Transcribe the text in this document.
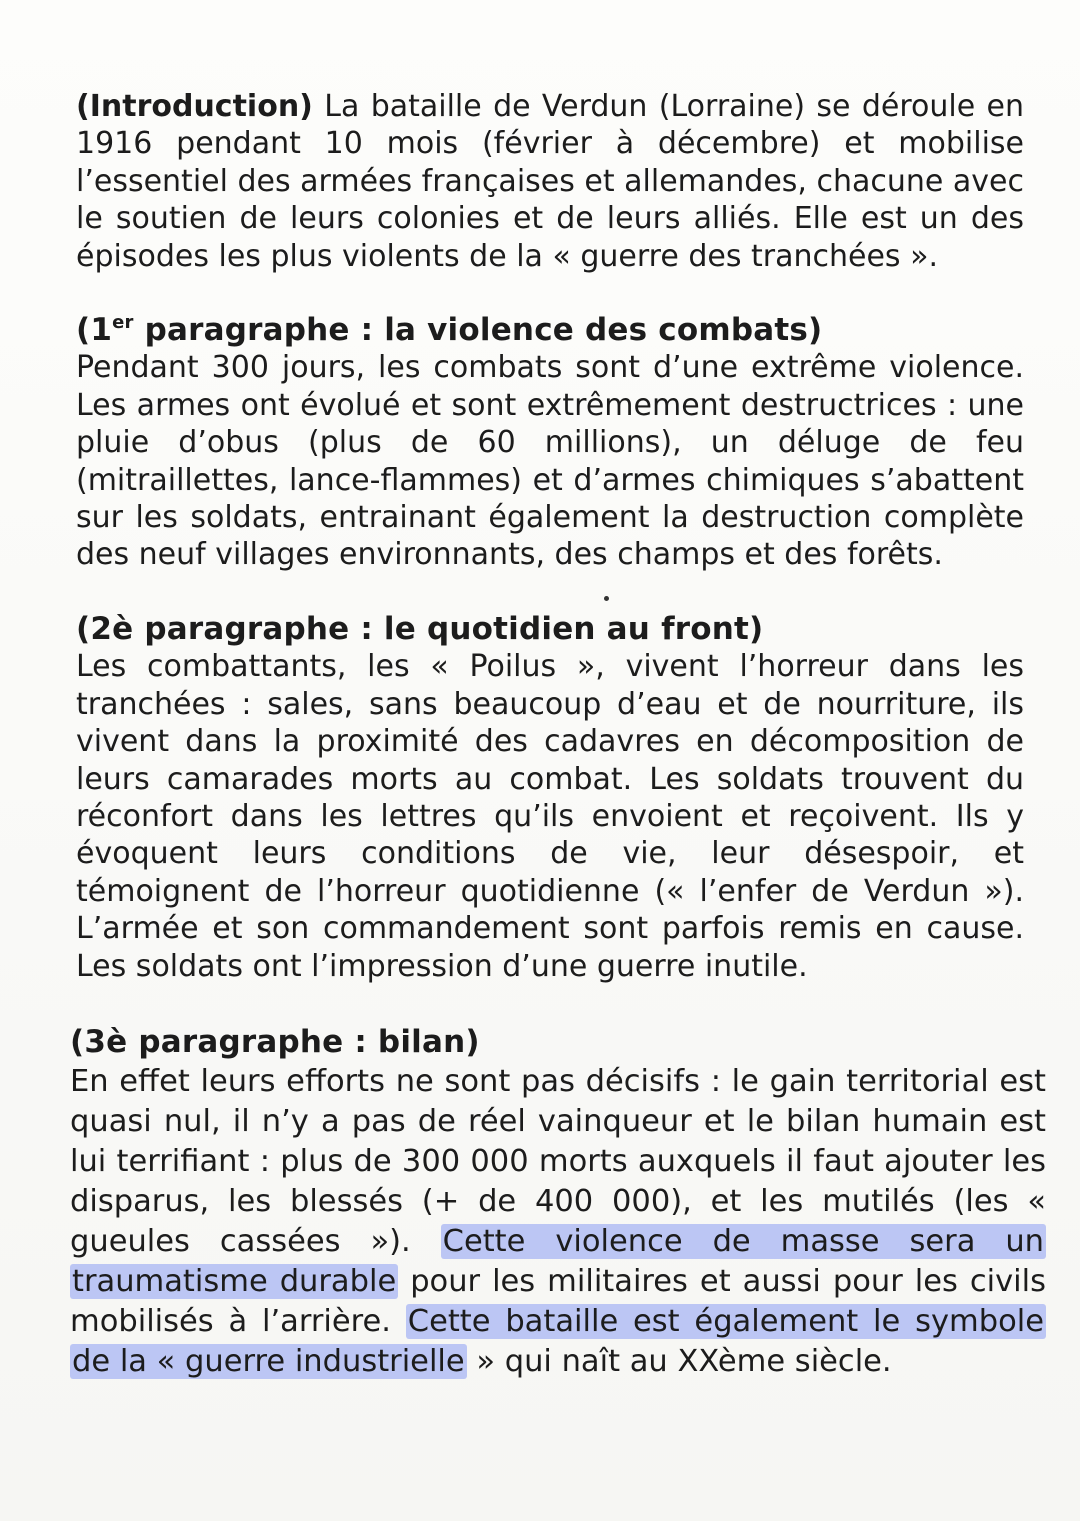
(Introduction) La bataille de Verdun (Lorraine) se déroule en 1916 pendant 10 mois (février à décembre) et mobilise l’essentiel des armées françaises et allemandes, chacune avec le soutien de leurs colonies et de leurs alliés. Elle est un des épisodes les plus violents de la « guerre des tranchées ».

(1er paragraphe : la violence des combats)

Pendant 300 jours, les combats sont d’une extrême violence. Les armes ont évolué et sont extrêmement destructrices : une pluie d’obus (plus de 60 millions), un déluge de feu (mitraillettes, lance-flammes) et d’armes chimiques s’abattent sur les soldats, entrainant également la destruction complète des neuf villages environnants, des champs et des forêts.

(2è paragraphe : le quotidien au front)

Les combattants, les « Poilus », vivent l’horreur dans les tranchées : sales, sans beaucoup d’eau et de nourriture, ils vivent dans la proximité des cadavres en décomposition de leurs camarades morts au combat. Les soldats trouvent du réconfort dans les lettres qu’ils envoient et reçoivent. Ils y évoquent leurs conditions de vie, leur désespoir, et témoignent de l’horreur quotidienne (« l’enfer de Verdun »). L’armée et son commandement sont parfois remis en cause. Les soldats ont l’impression d’une guerre inutile.

(3è paragraphe : bilan)

En effet leurs efforts ne sont pas décisifs : le gain territorial est quasi nul, il n’y a pas de réel vainqueur et le bilan humain est lui terrifiant : plus de 300 000 morts auxquels il faut ajouter les disparus, les blessés (+ de 400 000), et les mutilés (les « gueules cassées »). Cette violence de masse sera un traumatisme durable pour les militaires et aussi pour les civils mobilisés à l’arrière. Cette bataille est également le symbole de la « guerre industrielle » qui naît au XXème siècle.
